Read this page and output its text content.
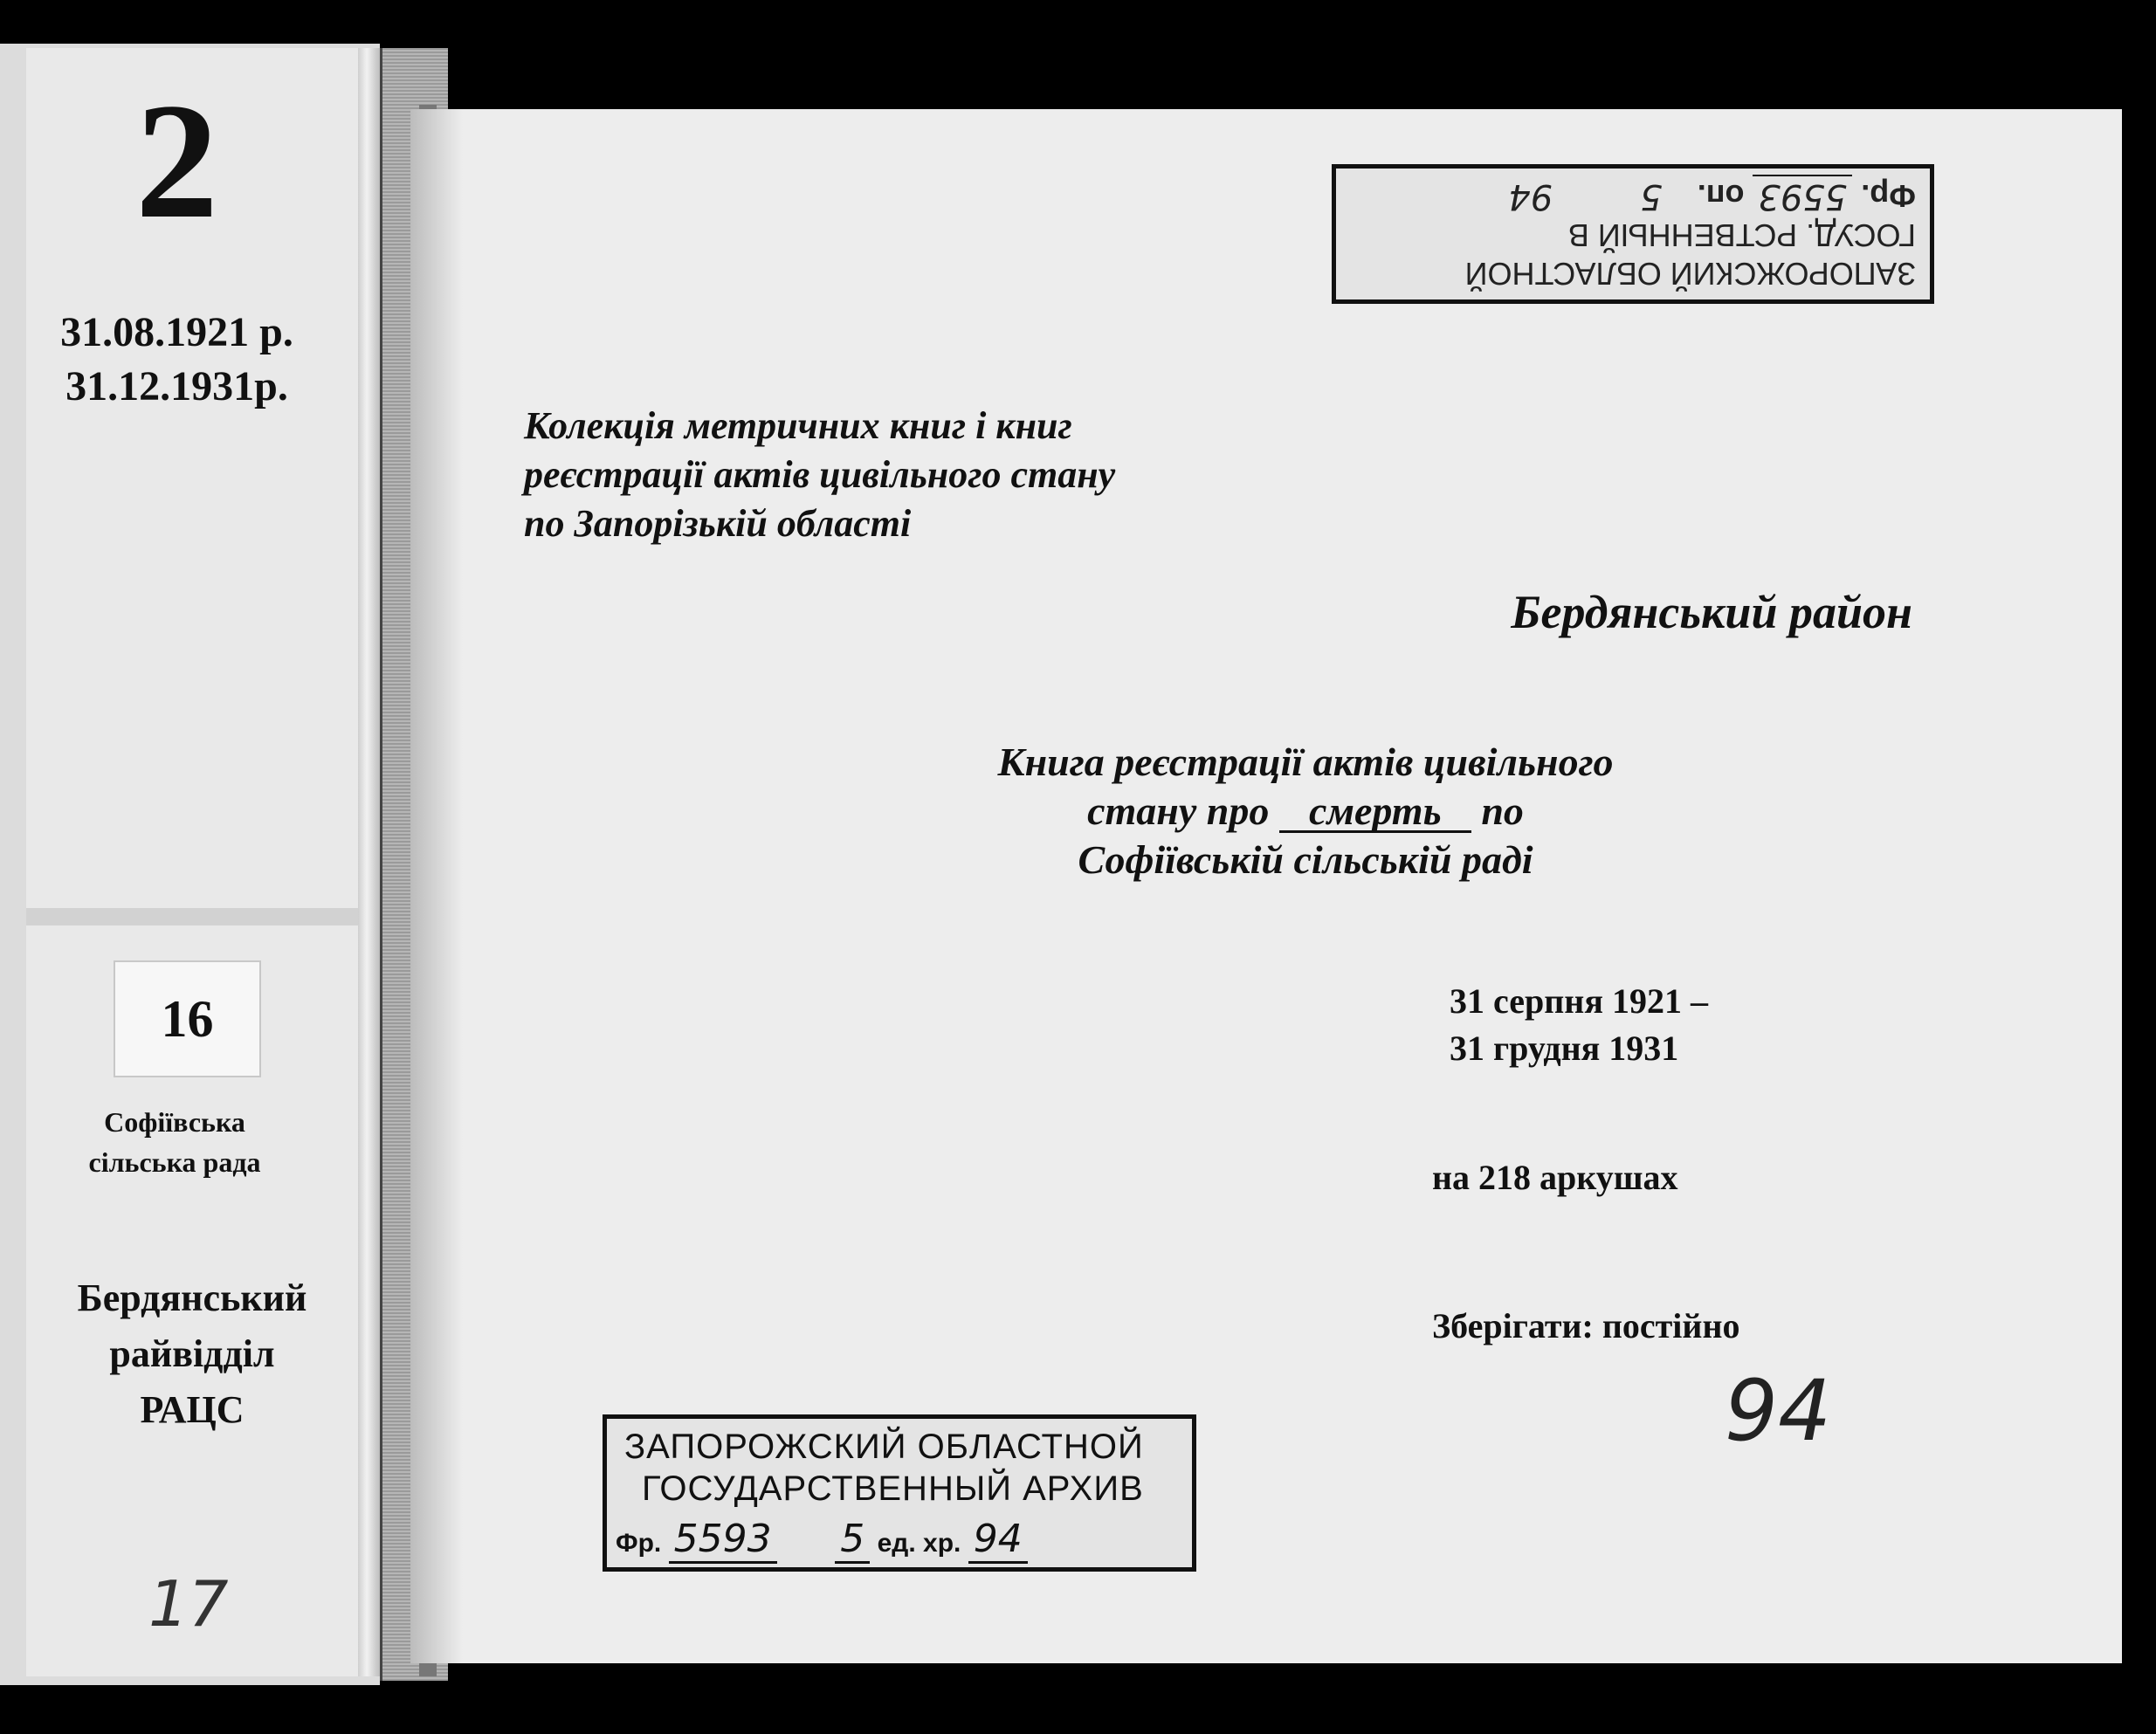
2
31.08.1921 р.
31.12.1931р.
16
Софіївська
сільська рада
Бердянський
райвідділ
РАЦС
17
ЗАПОРОЖСКИЙ ОБЛАСТНОЙ
ГОСУД. РСТВЕННЫЙ В
Фр. 5593 оп. 5 94
Колекція метричних книг і книг
реєстрації актів цивільного стану
по Запорізькій області
Бердянський район
Книга реєстрації актів цивільного
стану про смерть по
Софіївській сільській раді
31 серпня 1921 –
31 грудня 1931
на 218 аркушах
Зберігати: постійно
94
ЗАПОРОЖСКИЙ ОБЛАСТНОЙ
ГОСУДАРСТВЕННЫЙ АРХИВ
Фр. 5593 5 ед. хр. 94
